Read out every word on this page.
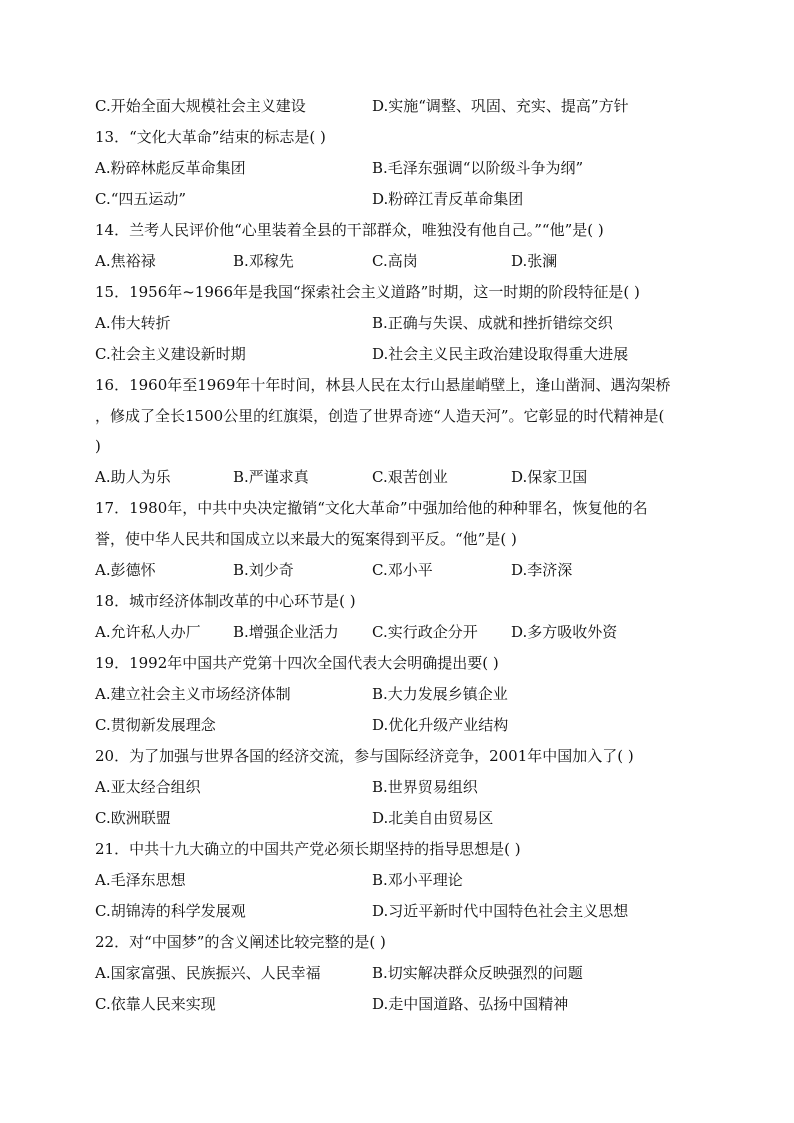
C.开始全面大规模社会主义建设	D.实施“调整、巩固、充实、提高”方针
13．“文化大革命”结束的标志是( )
A.粉碎林彪反革命集团	B.毛泽东强调“以阶级斗争为纲”
C.“四五运动”	D.粉碎江青反革命集团
14．兰考人民评价他“心里装着全县的干部群众，唯独没有他自己。”“他”是( )
A.焦裕禄	B.邓稼先	C.高岗	D.张澜
15．1956年~1966年是我国“探索社会主义道路”时期，这一时期的阶段特征是( )
A.伟大转折	B.正确与失误、成就和挫折错综交织
C.社会主义建设新时期	D.社会主义民主政治建设取得重大进展
16．1960年至1969年十年时间，林县人民在太行山悬崖峭壁上，逢山凿洞、遇沟架桥
，修成了全长1500公里的红旗渠，创造了世界奇迹“人造天河”。它彰显的时代精神是(
)
A.助人为乐	B.严谨求真	C.艰苦创业	D.保家卫国
17．1980年，中共中央决定撤销“文化大革命”中强加给他的种种罪名，恢复他的名
誉，使中华人民共和国成立以来最大的冤案得到平反。“他”是( )
A.彭德怀	B.刘少奇	C.邓小平	D.李济深
18．城市经济体制改革的中心环节是( )
A.允许私人办厂 B.增强企业活力 C.实行政企分开 D.多方吸收外资
19．1992年中国共产党第十四次全国代表大会明确提出要( )
A.建立社会主义市场经济体制	B.大力发展乡镇企业
C.贯彻新发展理念	D.优化升级产业结构
20．为了加强与世界各国的经济交流，参与国际经济竞争，2001年中国加入了( )
A.亚太经合组织	B.世界贸易组织
C.欧洲联盟	D.北美自由贸易区
21．中共十九大确立的中国共产党必须长期坚持的指导思想是( )
A.毛泽东思想	B.邓小平理论
C.胡锦涛的科学发展观	D.习近平新时代中国特色社会主义思想
22．对“中国梦”的含义阐述比较完整的是( )
A.国家富强、民族振兴、人民幸福	B.切实解决群众反映强烈的问题
C.依靠人民来实现	D.走中国道路、弘扬中国精神
